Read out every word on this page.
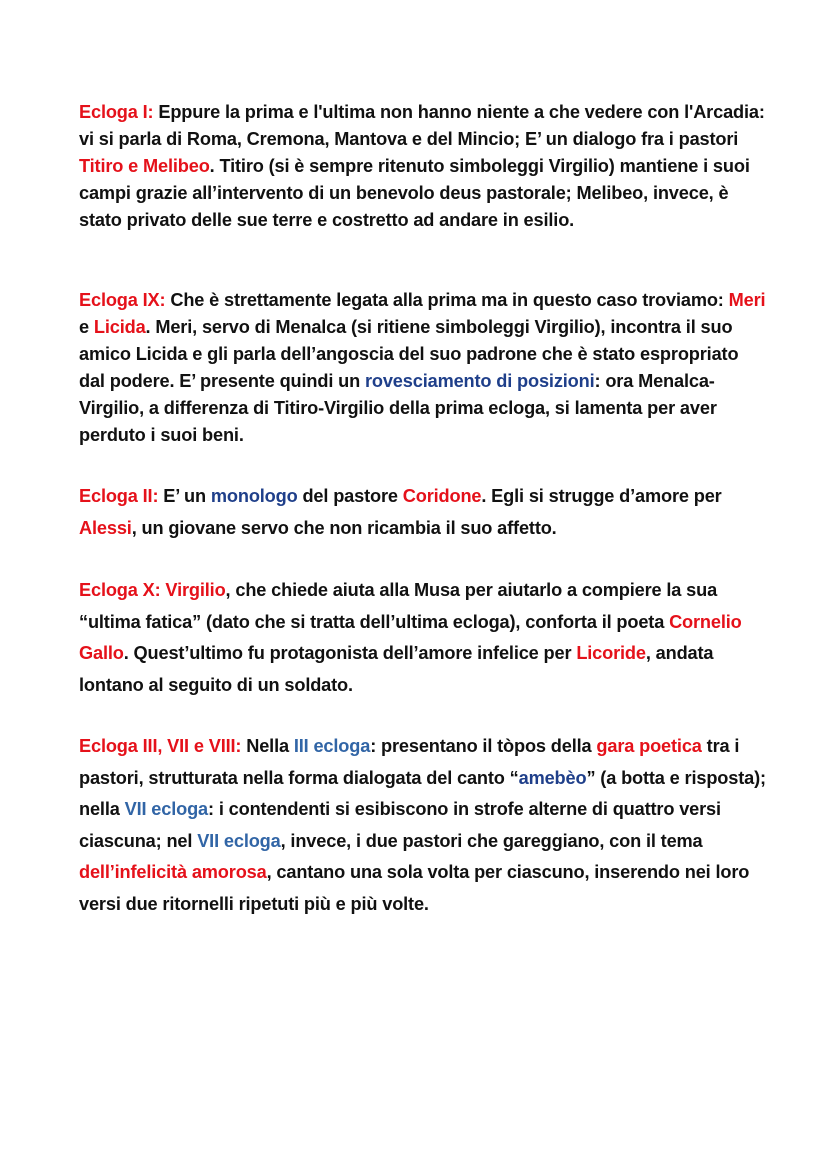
Ecloga I: Eppure la prima e l'ultima non hanno niente a che vedere con l'Arcadia: vi si parla di Roma, Cremona, Mantova e del Mincio; E’ un dialogo fra i pastori Titiro e Melibeo. Titiro (si è sempre ritenuto simboleggi Virgilio) mantiene i suoi campi grazie all’intervento di un benevolo deus pastorale; Melibeo, invece, è stato privato delle sue terre e costretto ad andare in esilio.

Ecloga IX: Che è strettamente legata alla prima ma in questo caso troviamo: Meri e Licida. Meri, servo di Menalca (si ritiene simboleggi Virgilio), incontra il suo amico Licida e gli parla dell’angoscia del suo padrone che è stato espropriato dal podere. E’ presente quindi un rovesciamento di posizioni: ora Menalca-Virgilio, a differenza di Titiro-Virgilio della prima ecloga, si lamenta per aver perduto i suoi beni.

Ecloga II: E’ un monologo del pastore Coridone. Egli si strugge d’amore per Alessi, un giovane servo che non ricambia il suo affetto.

Ecloga X: Virgilio, che chiede aiuta alla Musa per aiutarlo a compiere la sua “ultima fatica” (dato che si tratta dell’ultima ecloga), conforta il poeta Cornelio Gallo. Quest’ultimo fu protagonista dell’amore infelice per Licoride, andata lontano al seguito di un soldato.

Ecloga III, VII e VIII: Nella III ecloga: presentano il tòpos della gara poetica tra i pastori, strutturata nella forma dialogata del canto “amebèo” (a botta e risposta); nella VII ecloga: i contendenti si esibiscono in strofe alterne di quattro versi ciascuna; nel VII ecloga, invece, i due pastori che gareggiano, con il tema dell’infelicità amorosa, cantano una sola volta per ciascuno, inserendo nei loro versi due ritornelli ripetuti più e più volte.
